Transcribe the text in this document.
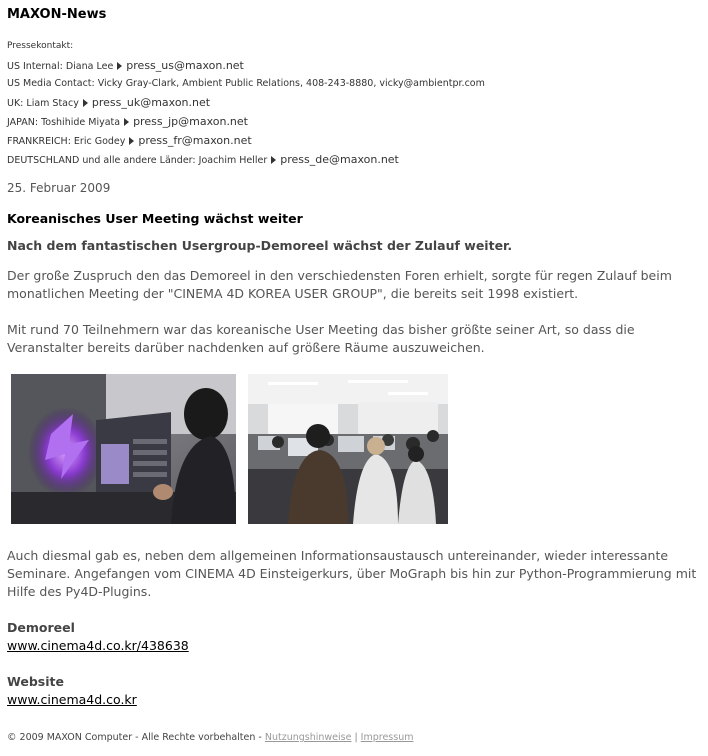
MAXON-News
Pressekontakt:
US Internal: Diana Lee press_us@maxon.net
US Media Contact: Vicky Gray-Clark, Ambient Public Relations, 408-243-8880, vicky@ambientpr.com
UK: Liam Stacy press_uk@maxon.net
JAPAN: Toshihide Miyata press_jp@maxon.net
FRANKREICH: Eric Godey press_fr@maxon.net
DEUTSCHLAND und alle andere Länder: Joachim Heller press_de@maxon.net
25. Februar 2009
Koreanisches User Meeting wächst weiter
Nach dem fantastischen Usergroup-Demoreel wächst der Zulauf weiter.

Der große Zuspruch den das Demoreel in den verschiedensten Foren erhielt, sorgte für regen Zulauf beim monatlichen Meeting der "CINEMA 4D KOREA USER GROUP", die bereits seit 1998 existiert.

Mit rund 70 Teilnehmern war das koreanische User Meeting das bisher größte seiner Art, so dass die Veranstalter bereits darüber nachdenken auf größere Räume auszuweichen.

Auch diesmal gab es, neben dem allgemeinen Informationsaustausch untereinander, wieder interessante Seminare. Angefangen vom CINEMA 4D Einsteigerkurs, über MoGraph bis hin zur Python-Programmierung mit Hilfe des Py4D-Plugins.

Demoreel
www.cinema4d.co.kr/438638
Website
www.cinema4d.co.kr
© 2009 MAXON Computer - Alle Rechte vorbehalten - Nutzungshinweise | Impressum
